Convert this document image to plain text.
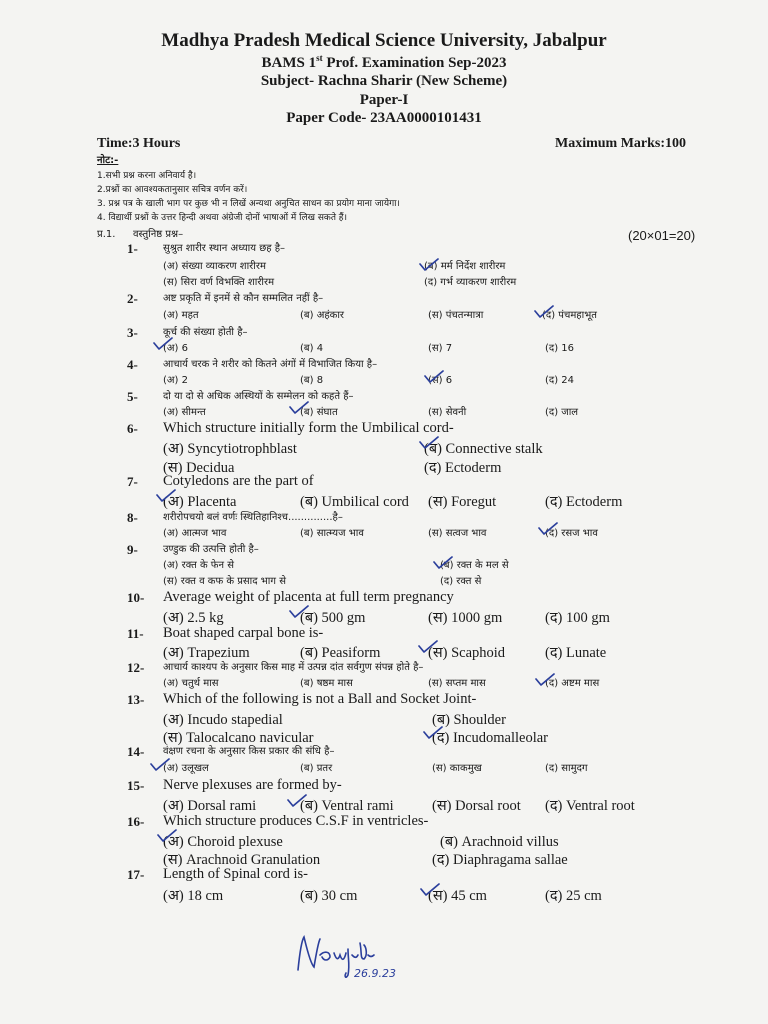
Madhya Pradesh Medical Science University, Jabalpur
BAMS 1st Prof. Examination Sep-2023
Subject- Rachna Sharir (New Scheme)
Paper-I
Paper Code- 23AA0000101431
Time:3 Hours	Maximum Marks:100
नोट:-
1.सभी प्रश्न करना अनिवार्य है।
2.प्रश्नों का आवश्यकतानुसार सचित्र वर्णन करें।
3. प्रश्न पत्र के खाली भाग पर कुछ भी न लिखें अन्यथा अनुचित साधन का प्रयोग माना जायेगा।
4. विद्यार्थी प्रश्नों के उत्तर हिन्दी अथवा अंग्रेजी दोनों भाषाओं में लिख सकते हैं।
प्र.1. वस्तुनिष्ठ प्रश्न–	(20×01=20)
1-	सुश्रुत शारीर स्थान अध्याय छह है–
(अ) संख्या व्याकरण शारीरम	(ब) मर्म निर्देश शारीरम
(स) सिरा वर्ण विभक्ति शारीरम	(द) गर्भ व्याकरण शारीरम
2-	अष्ट प्रकृति में इनमें से कौन सम्मलित नहीं है–
(अ) महत	(ब) अहंकार	(स) पंचतन्मात्रा	(द) पंचमहाभूत
3-	कूर्च की संख्या होती है–
(अ) 6	(ब) 4	(स) 7	(द) 16
4-	आचार्य चरक ने शरीर को कितने अंगों में विभाजित किया है–
(अ) 2	(ब) 8	(स) 6	(द) 24
5-	दो या दो से अधिक अस्थियों के सम्मेलन को कहते हैं–
(अ) सीमन्त	(ब) संघात	(स) सेवनी	(द) जाल
6- Which structure initially form the Umbilical cord-
(अ) Syncytiotrophblast	(ब) Connective stalk
(स) Decidua	(द) Ectoderm
7- Cotyledons are the part of
(अ) Placenta	(ब) Umbilical cord (स) Foregut	(द) Ectoderm
8-	शरीरोपचयो बलं वर्णः स्थितिहानिश्च..............है–
(अ) आत्मज भाव	(ब) सात्म्यज भाव	(स) सत्वज भाव	(द) रसज भाव
9-	उण्डुक की उत्पत्ति होती है–
(अ) रक्त के फेन से	(ब) रक्त के मल से
(स) रक्त व कफ के प्रसाद भाग से	(द) रक्त से
10- Average weight of placenta at full term pregnancy
(अ) 2.5 kg	(ब) 500 gm	(स) 1000 gm	(द) 100 gm
11- Boat shaped carpal bone is-
(अ) Trapezium	(ब) Peasiform	(स) Scaphoid	(द) Lunate
12- आचार्य काश्यप के अनुसार किस माह में उत्पन्न दांत सर्वगुण संपन्न होते है–
(अ) चतुर्थ मास	(ब) षष्ठम मास	(स) सप्तम मास	(द) अष्टम मास
13- Which of the following is not a Ball and Socket Joint-
(अ) Incudo stapedial	(ब) Shoulder
(स) Talocalcano navicular	(द) Incudomalleolar
14- वंक्षण रचना के अनुसार किस प्रकार की संधि है–
(अ) उलूखल	(ब) प्रतर	(स) काकमुख	(द) सामुदग
15- Nerve plexuses are formed by-
(अ) Dorsal rami	(ब) Ventral rami	(स) Dorsal root (द) Ventral root
16- Which structure produces C.S.F in ventricles-
(अ) Choroid plexuse	(ब) Arachnoid villus
(स) Arachnoid Granulation	(द) Diaphragama sallae
17- Length of Spinal cord is-
(अ) 18 cm	(ब) 30 cm	(स) 45 cm	(द) 25 cm
26.9.23
